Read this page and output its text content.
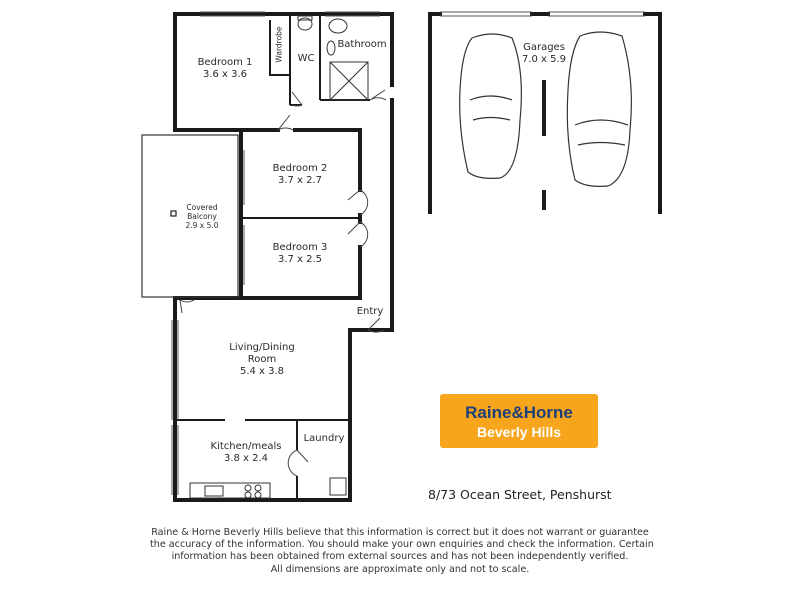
Bedroom 1
3.6 x 3.6
Wardrobe	WC
Bathroom
Bedroom 2
3.7 x 2.7
Bedroom 3
3.7 x 2.5
Covered
Balcony
2.9 x 5.0
Entry
Living/Dining
Room
5.4 x 3.8
Kitchen/meals
3.8 x 2.4
Laundry
Garages
7.0 x 5.9
Raine&Horne
Beverly Hills
8/73 Ocean Street, Penshurst
Raine & Horne Beverly Hills believe that this information is correct but it does not warrant or guarantee
the accuracy of the information. You should make your own enquiries and check the information. Certain
information has been obtained from external sources and has not been independently verified.
All dimensions are approximate only and not to scale.
